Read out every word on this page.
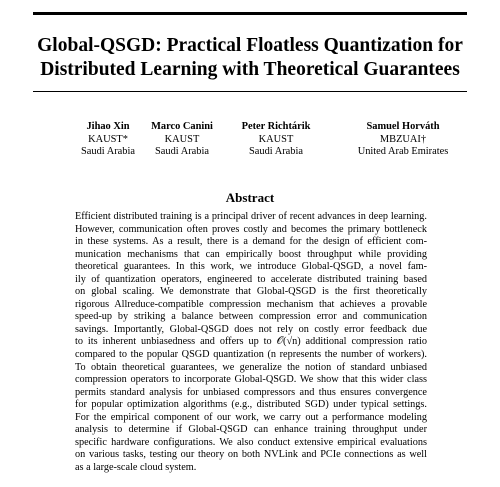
Global-QSGD: Practical Floatless Quantization for
Distributed Learning with Theoretical Guarantees
Jihao Xin
KAUST*
Saudi Arabia
Marco Canini
KAUST
Saudi Arabia
Peter Richtárik
KAUST
Saudi Arabia
Samuel Horváth
MBZUAI†
United Arab Emirates
Abstract
Efficient distributed training is a principal driver of recent advances in deep learning.
However, communication often proves costly and becomes the primary bottleneck
in these systems. As a result, there is a demand for the design of efficient com-
munication mechanisms that can empirically boost throughput while providing
theoretical guarantees. In this work, we introduce Global-QSGD, a novel fam-
ily of quantization operators, engineered to accelerate distributed training based
on global scaling. We demonstrate that Global-QSGD is the first theoretically
rigorous Allreduce-compatible compression mechanism that achieves a provable
speed-up by striking a balance between compression error and communication
savings. Importantly, Global-QSGD does not rely on costly error feedback due
to its inherent unbiasedness and offers up to 𝒪(√n) additional compression ratio
compared to the popular QSGD quantization (n represents the number of workers).
To obtain theoretical guarantees, we generalize the notion of standard unbiased
compression operators to incorporate Global-QSGD. We show that this wider class
permits standard analysis for unbiased compressors and thus ensures convergence
for popular optimization algorithms (e.g., distributed SGD) under typical settings.
For the empirical component of our work, we carry out a performance modeling
analysis to determine if Global-QSGD can enhance training throughput under
specific hardware configurations. We also conduct extensive empirical evaluations
on various tasks, testing our theory on both NVLink and PCIe connections as well
as a large-scale cloud system.
